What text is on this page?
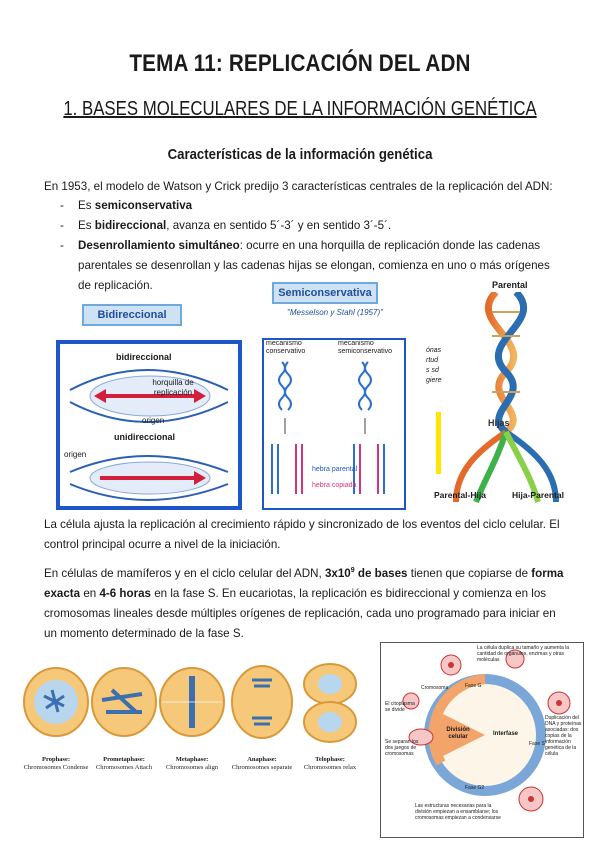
TEMA 11: REPLICACIÓN DEL ADN
1. BASES MOLECULARES DE LA INFORMACIÓN GENÉTICA
Características de la información genética
En 1953, el modelo de Watson y Crick predijo 3 características centrales de la replicación del ADN:
- Es semiconservativa
- Es bidireccional, avanza en sentido 5´-3´ y en sentido 3´-5´.
- Desenrollamiento simultáneo: ocurre en una horquilla de replicación donde las cadenas parentales se desenrollan y las cadenas hijas se elongan, comienza en uno o más orígenes de replicación.
Bidireccional
bidireccional
horquilla de replicación
origen
unidireccional
origen
Semiconservativa
"Messelson y Stahl (1957)"
mecanismo conservativo
mecanismo semiconservativo
hebra parental
hebra copiada
Parental
ónas
rtud
s sd
giere
Hijas
Parental-Hija	Hija-Parental
La célula ajusta la replicación al crecimiento rápido y sincronizado de los eventos del ciclo celular. El control principal ocurre a nivel de la iniciación.
En células de mamíferos y en el ciclo celular del ADN, $3x10^9$ de bases tienen que copiarse de forma exacta en 4-6 horas en la fase S. En eucariotas, la replicación es bidireccional y comienza en los cromosomas lineales desde múltiples orígenes de replicación, cada uno programado para iniciar en un momento determinado de la fase S.
Prophase:
Chromosomes Condense
Prometaphase:
Chromosomes Attach
Metaphase:
Chromosomes align
Anaphase:
Chromosomes separate
Telophase:
Chromosomes relax
La célula duplica su tamaño y aumenta la cantidad de orgánulos, enzimas y otras moléculas
El citoplasma se divide
Se separan los dos juegos de cromosomas
Cromosoma
División celular	Interfase
Fase G
Fase S
Fase G2
Duplicación del DNA y proteínas asociadas: dos copias de la información genética de la célula
Las estructuras necesarias para la división empiezan a ensamblarse; los cromosomas empiezan a condensarse
